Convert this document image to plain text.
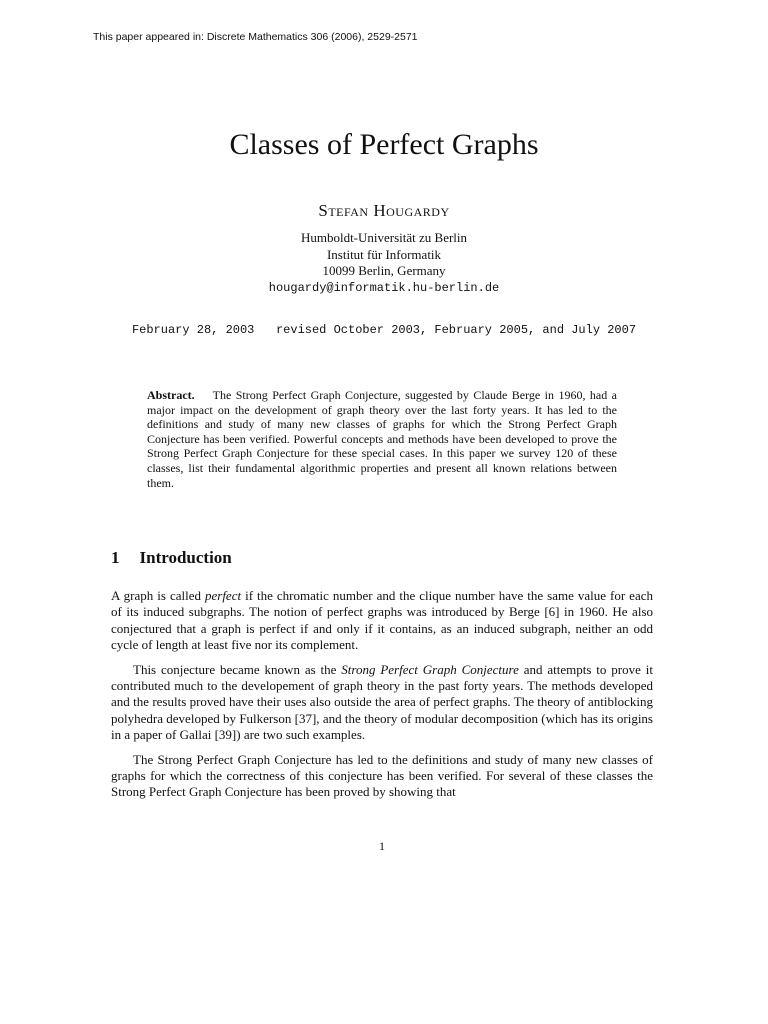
This paper appeared in: Discrete Mathematics 306 (2006), 2529-2571
Classes of Perfect Graphs
Stefan Hougardy
Humboldt-Universität zu Berlin
Institut für Informatik
10099 Berlin, Germany
hougardy@informatik.hu-berlin.de
February 28, 2003   revised October 2003, February 2005, and July 2007
Abstract. The Strong Perfect Graph Conjecture, suggested by Claude Berge in 1960, had a major impact on the development of graph theory over the last forty years. It has led to the definitions and study of many new classes of graphs for which the Strong Perfect Graph Conjecture has been verified. Powerful concepts and methods have been developed to prove the Strong Perfect Graph Conjecture for these special cases. In this paper we survey 120 of these classes, list their fundamental algorithmic properties and present all known relations between them.
1 Introduction

A graph is called perfect if the chromatic number and the clique number have the same value for each of its induced subgraphs. The notion of perfect graphs was introduced by Berge [6] in 1960. He also conjectured that a graph is perfect if and only if it contains, as an induced subgraph, neither an odd cycle of length at least five nor its complement.

This conjecture became known as the Strong Perfect Graph Conjecture and attempts to prove it contributed much to the developement of graph theory in the past forty years. The methods developed and the results proved have their uses also outside the area of perfect graphs. The theory of antiblocking polyhedra developed by Fulkerson [37], and the theory of modular decomposition (which has its origins in a paper of Gallai [39]) are two such examples.

The Strong Perfect Graph Conjecture has led to the definitions and study of many new classes of graphs for which the correctness of this conjecture has been verified. For several of these classes the Strong Perfect Graph Conjecture has been proved by showing that

1
